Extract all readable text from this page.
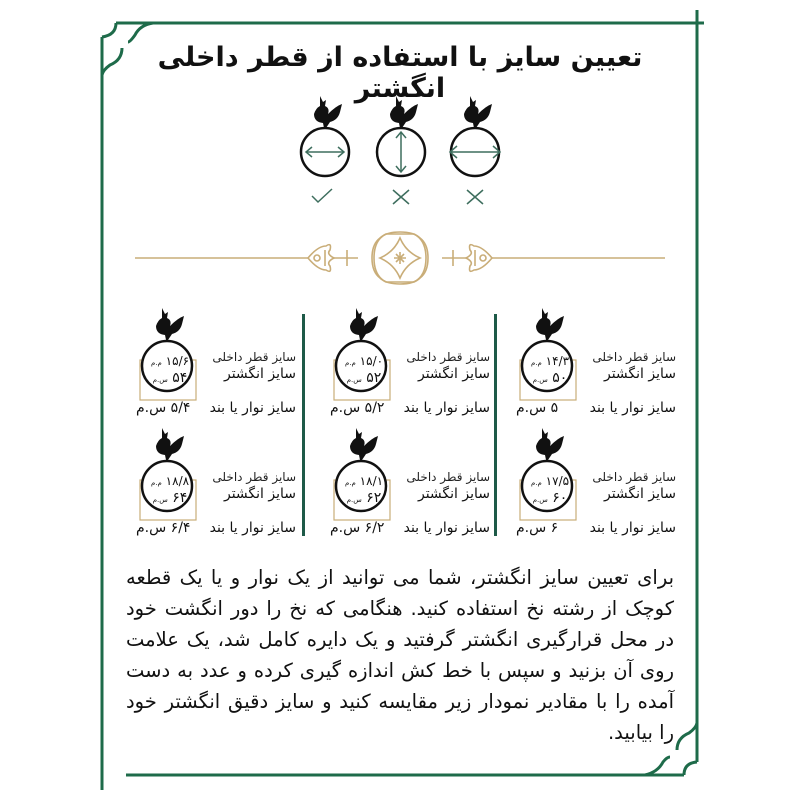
تعیین سایز با استفاده از قطر داخلی انگشتر
۱۴/۳ م.م
۵۰ س.م
سایز قطر داخلی
سایز انگشتر
سایز نوار یا بند
۵ س.م
۱۵/۰ م.م
۵۲ س.م
سایز قطر داخلی
سایز انگشتر
سایز نوار یا بند
۵/۲ س.م
۱۵/۶ م.م
۵۴ س.م
سایز قطر داخلی
سایز انگشتر
سایز نوار یا بند
۵/۴ س.م
۱۷/۵ م.م
۶۰ س.م
سایز قطر داخلی
سایز انگشتر
سایز نوار یا بند
۶ س.م
۱۸/۱ م.م
۶۲ س.م
سایز قطر داخلی
سایز انگشتر
سایز نوار یا بند
۶/۲ س.م
۱۸/۸ م.م
۶۴ س.م
سایز قطر داخلی
سایز انگشتر
سایز نوار یا بند
۶/۴ س.م
برای تعیین سایز انگشتر، شما می توانید از یک نوار و یا یک قطعه کوچک از رشته نخ استفاده کنید. هنگامی که نخ را دور انگشت خود در محل قرارگیری انگشتر گرفتید و یک دایره کامل شد، یک علامت روی آن بزنید و سپس با خط کش اندازه گیری کرده و عدد به دست آمده را با مقادیر نمودار زیر مقایسه کنید و سایز دقیق انگشتر خود را بیابید.
